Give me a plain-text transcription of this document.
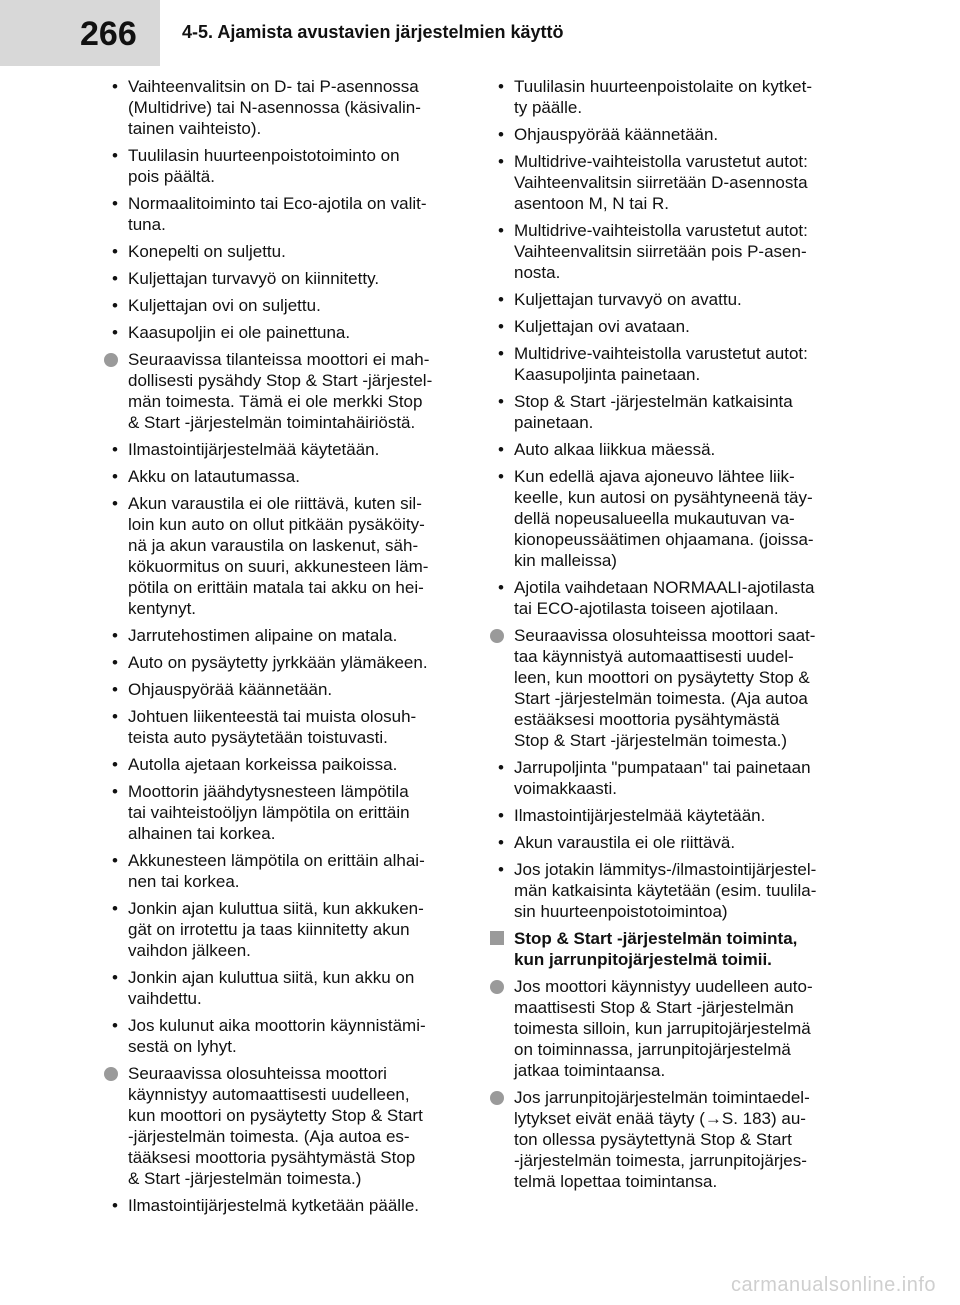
266	4-5. Ajamista avustavien järjestelmien käyttö
• Vaihteenvalitsin on D- tai P-asennossa
(Multidrive) tai N-asennossa (käsivalin-
tainen vaihteisto).
• Tuulilasin huurteenpoistotoiminto on
pois päältä.
• Normaalitoiminto tai Eco-ajotila on valit-
tuna.
• Konepelti on suljettu.
• Kuljettajan turvavyö on kiinnitetty.
• Kuljettajan ovi on suljettu.
• Kaasupoljin ei ole painettuna.
Seuraavissa tilanteissa moottori ei mah-
dollisesti pysähdy Stop & Start -järjestel-
män toimesta. Tämä ei ole merkki Stop
& Start -järjestelmän toimintahäiriöstä.
• Ilmastointijärjestelmää käytetään.
• Akku on latautumassa.
• Akun varaustila ei ole riittävä, kuten sil-
loin kun auto on ollut pitkään pysäköity-
nä ja akun varaustila on laskenut, säh-
kökuormitus on suuri, akkunesteen läm-
pötila on erittäin matala tai akku on hei-
kentynyt.
• Jarrutehostimen alipaine on matala.
• Auto on pysäytetty jyrkkään ylämäkeen.
• Ohjauspyörää käännetään.
• Johtuen liikenteestä tai muista olosuh-
teista auto pysäytetään toistuvasti.
• Autolla ajetaan korkeissa paikoissa.
• Moottorin jäähdytysnesteen lämpötila
tai vaihteistoöljyn lämpötila on erittäin
alhainen tai korkea.
• Akkunesteen lämpötila on erittäin alhai-
nen tai korkea.
• Jonkin ajan kuluttua siitä, kun akkuken-
gät on irrotettu ja taas kiinnitetty akun
vaihdon jälkeen.
• Jonkin ajan kuluttua siitä, kun akku on
vaihdettu.
• Jos kulunut aika moottorin käynnistämi-
sestä on lyhyt.
Seuraavissa olosuhteissa moottori
käynnistyy automaattisesti uudelleen,
kun moottori on pysäytetty Stop & Start
-järjestelmän toimesta. (Aja autoa es-
tääksesi moottoria pysähtymästä Stop
& Start -järjestelmän toimesta.)
• Ilmastointijärjestelmä kytketään päälle.
• Tuulilasin huurteenpoistolaite on kytket-
ty päälle.
• Ohjauspyörää käännetään.
• Multidrive-vaihteistolla varustetut autot:
Vaihteenvalitsin siirretään D-asennosta
asentoon M, N tai R.
• Multidrive-vaihteistolla varustetut autot:
Vaihteenvalitsin siirretään pois P-asen-
nosta.
• Kuljettajan turvavyö on avattu.
• Kuljettajan ovi avataan.
• Multidrive-vaihteistolla varustetut autot:
Kaasupoljinta painetaan.
• Stop & Start -järjestelmän katkaisinta
painetaan.
• Auto alkaa liikkua mäessä.
• Kun edellä ajava ajoneuvo lähtee liik-
keelle, kun autosi on pysähtyneenä täy-
dellä nopeusalueella mukautuvan va-
kionopeussäätimen ohjaamana. (joissa-
kin malleissa)
• Ajotila vaihdetaan NORMAALI-ajotilasta
tai ECO-ajotilasta toiseen ajotilaan.
Seuraavissa olosuhteissa moottori saat-
taa käynnistyä automaattisesti uudel-
leen, kun moottori on pysäytetty Stop &
Start -järjestelmän toimesta. (Aja autoa
estääksesi moottoria pysähtymästä
Stop & Start -järjestelmän toimesta.)
• Jarrupoljinta "pumpataan" tai painetaan
voimakkaasti.
• Ilmastointijärjestelmää käytetään.
• Akun varaustila ei ole riittävä.
• Jos jotakin lämmitys-/ilmastointijärjestel-
män katkaisinta käytetään (esim. tuulila-
sin huurteenpoistotoimintoa)
Stop & Start -järjestelmän toiminta,
kun jarrunpitojärjestelmä toimii.
Jos moottori käynnistyy uudelleen auto-
maattisesti Stop & Start -järjestelmän
toimesta silloin, kun jarrupitojärjestelmä
on toiminnassa, jarrunpitojärjestelmä
jatkaa toimintaansa.
Jos jarrunpitojärjestelmän toimintaedel-
lytykset eivät enää täyty (→S. 183) au-
ton ollessa pysäytettynä Stop & Start
-järjestelmän toimesta, jarrunpitojärjes-
telmä lopettaa toimintansa.
carmanualsonline.info
